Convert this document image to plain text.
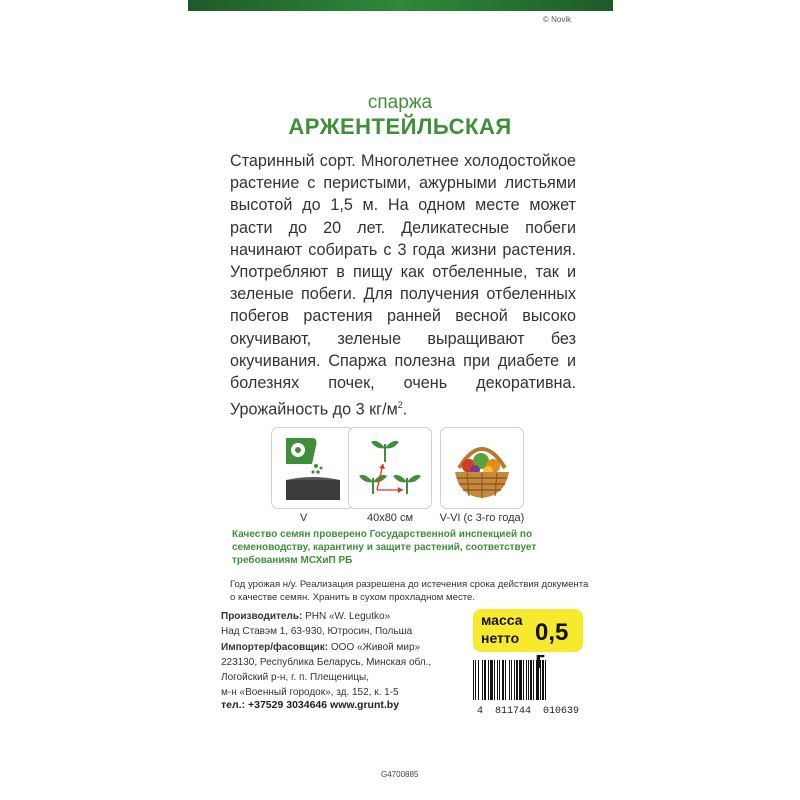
© Novik
спаржа
АРЖЕНТЕЙЛЬСКАЯ
Старинный сорт. Многолетнее холодостойкое растение с перистыми, ажурными листьями высотой до 1,5 м. На одном месте может расти до 20 лет. Деликатесные побеги начинают собирать с 3 года жизни растения. Употребляют в пищу как отбеленные, так и зеленые побеги. Для получения отбеленных побегов растения ранней весной высоко окучивают, зеленые выращивают без окучивания. Спаржа полезна при диабете и болезнях почек, очень декоративна. Урожайность до 3 $кг/м^2$.
V	40x80 см	V-VI (с 3-го года)
Качество семян проверено Государственной инспекцией по семеноводству, карантину и защите растений, соответствует требованиям МСХиП РБ
Год урожая н/у. Реализация разрешена до истечения срока действия документа о качестве семян. Хранить в сухом прохладном месте.
Производитель: PHN «W. Legutko»
Над Ставэм 1, 63-930, Ютросин, Польша
Импортер/фасовщик: ООО «Живой мир»
223130, Республика Беларусь, Минская обл.,
Логойский р-н, г. п. Плещеницы,
м-н «Военный городок», зд. 152, к. 1-5
тел.: +37529 3034646 www.grunt.by
масса
нетто 0,5
4  811744  010639
G4700885
